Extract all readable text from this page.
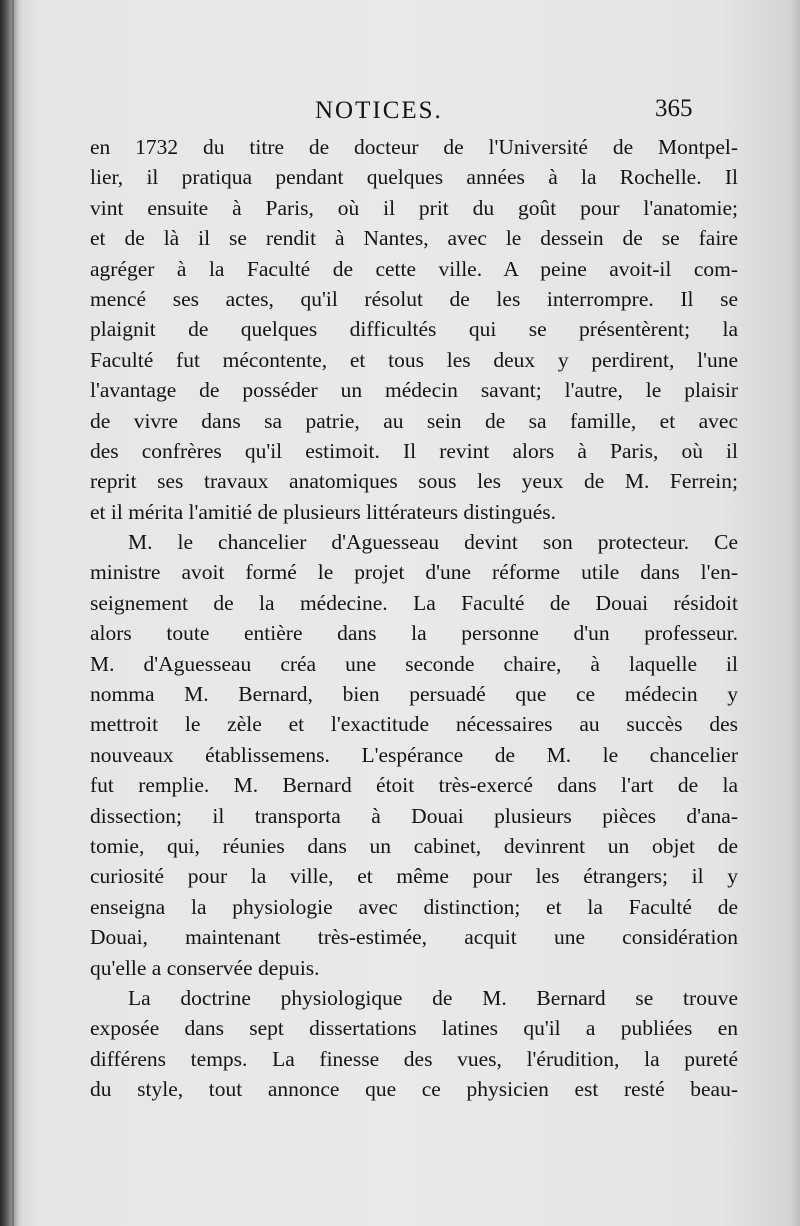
NOTICES.	365
en 1732 du titre de docteur de l'Université de Montpel-
lier, il pratiqua pendant quelques années à la Rochelle. Il
vint ensuite à Paris, où il prit du goût pour l'anatomie;
et de là il se rendit à Nantes, avec le dessein de se faire
agréger à la Faculté de cette ville. A peine avoit-il com-
mencé ses actes, qu'il résolut de les interrompre. Il se
plaignit de quelques difficultés qui se présentèrent; la
Faculté fut mécontente, et tous les deux y perdirent, l'une
l'avantage de posséder un médecin savant; l'autre, le plaisir
de vivre dans sa patrie, au sein de sa famille, et avec
des confrères qu'il estimoit. Il revint alors à Paris, où il
reprit ses travaux anatomiques sous les yeux de M. Ferrein;
et il mérita l'amitié de plusieurs littérateurs distingués.
M. le chancelier d'Aguesseau devint son protecteur. Ce
ministre avoit formé le projet d'une réforme utile dans l'en-
seignement de la médecine. La Faculté de Douai résidoit
alors toute entière dans la personne d'un professeur.
M. d'Aguesseau créa une seconde chaire, à laquelle il
nomma M. Bernard, bien persuadé que ce médecin y
mettroit le zèle et l'exactitude nécessaires au succès des
nouveaux établissemens. L'espérance de M. le chancelier
fut remplie. M. Bernard étoit très-exercé dans l'art de la
dissection; il transporta à Douai plusieurs pièces d'ana-
tomie, qui, réunies dans un cabinet, devinrent un objet de
curiosité pour la ville, et même pour les étrangers; il y
enseigna la physiologie avec distinction; et la Faculté de
Douai, maintenant très-estimée, acquit une considération
qu'elle a conservée depuis.
La doctrine physiologique de M. Bernard se trouve
exposée dans sept dissertations latines qu'il a publiées en
différens temps. La finesse des vues, l'érudition, la pureté
du style, tout annonce que ce physicien est resté beau-
